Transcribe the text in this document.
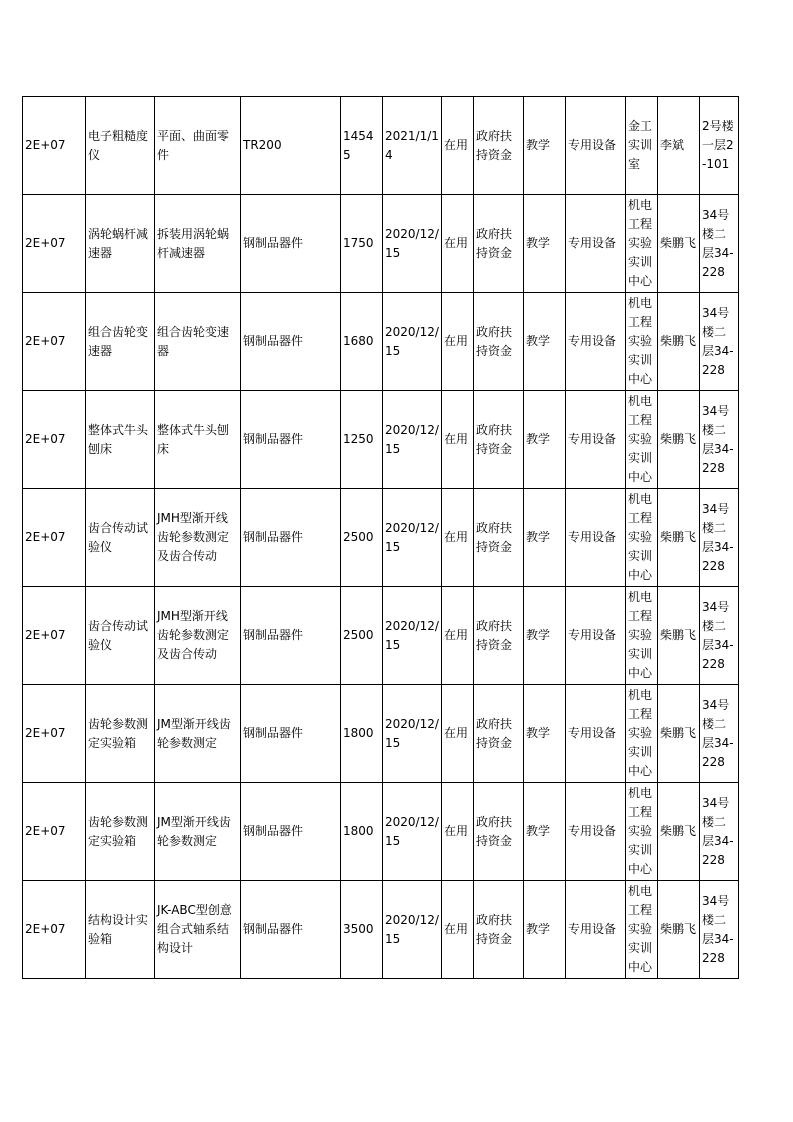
2E+07	电子粗糙度仪	平面、曲面零件	TR200	14545	2021/1/14	在用	政府扶持资金	教学	专用设备	金工实训室	李斌	2号楼一层2-101

2E+07	涡轮蜗杆减速器	拆装用涡轮蜗杆减速器	钢制品器件	1750	2020/12/15	在用	政府扶持资金	教学	专用设备	机电工程实验实训中心	柴鹏飞	34号楼二层34-228

2E+07	组合齿轮变速器	组合齿轮变速器	钢制品器件	1680	2020/12/15	在用	政府扶持资金	教学	专用设备	机电工程实验实训中心	柴鹏飞	34号楼二层34-228

2E+07	整体式牛头刨床	整体式牛头刨床	钢制品器件	1250	2020/12/15	在用	政府扶持资金	教学	专用设备	机电工程实验实训中心	柴鹏飞	34号楼二层34-228

2E+07	齿合传动试验仪	JMH型渐开线齿轮参数测定及齿合传动	钢制品器件	2500	2020/12/15	在用	政府扶持资金	教学	专用设备	机电工程实验实训中心	柴鹏飞	34号楼二层34-228

2E+07	齿合传动试验仪	JMH型渐开线齿轮参数测定及齿合传动	钢制品器件	2500	2020/12/15	在用	政府扶持资金	教学	专用设备	机电工程实验实训中心	柴鹏飞	34号楼二层34-228

2E+07	齿轮参数测定实验箱	JM型渐开线齿轮参数测定	钢制品器件	1800	2020/12/15	在用	政府扶持资金	教学	专用设备	机电工程实验实训中心	柴鹏飞	34号楼二层34-228

2E+07	齿轮参数测定实验箱	JM型渐开线齿轮参数测定	钢制品器件	1800	2020/12/15	在用	政府扶持资金	教学	专用设备	机电工程实验实训中心	柴鹏飞	34号楼二层34-228

2E+07	结构设计实验箱	JK-ABC型创意组合式轴系结构设计	钢制品器件	3500	2020/12/15	在用	政府扶持资金	教学	专用设备	机电工程实验实训中心	柴鹏飞	34号楼二层34-228
